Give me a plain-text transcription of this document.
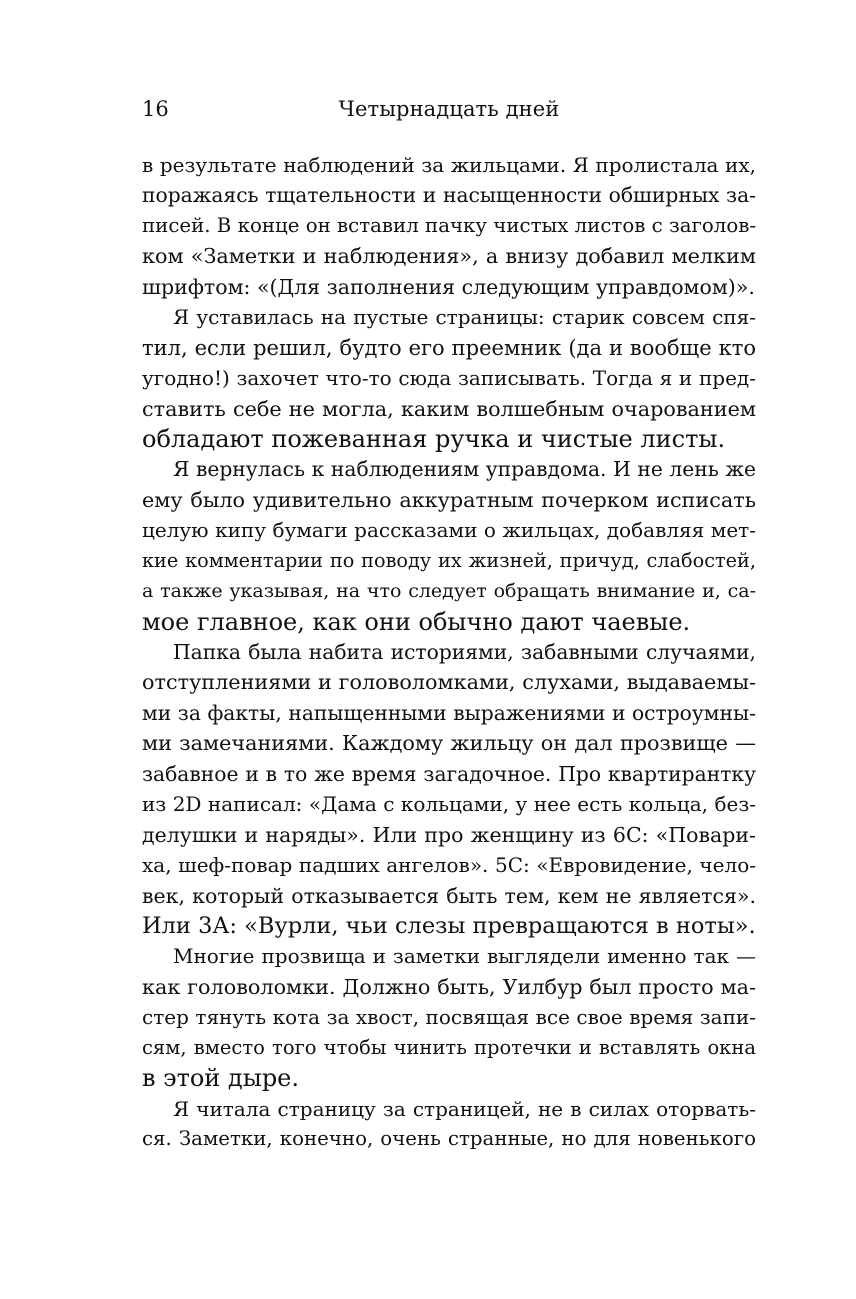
16	Четырнадцать дней
в результате наблюдений за жильцами. Я пролистала их,
поражаясь тщательности и насыщенности обширных за-
писей. В конце он вставил пачку чистых листов с заголов-
ком «Заметки и наблюдения», а внизу добавил мелким
шрифтом: «(Для заполнения следующим управдомом)».
Я уставилась на пустые страницы: старик совсем спя-
тил, если решил, будто его преемник (да и вообще кто
угодно!) захочет что-то сюда записывать. Тогда я и пред-
ставить себе не могла, каким волшебным очарованием
обладают пожеванная ручка и чистые листы.
Я вернулась к наблюдениям управдома. И не лень же
ему было удивительно аккуратным почерком исписать
целую кипу бумаги рассказами о жильцах, добавляя мет-
кие комментарии по поводу их жизней, причуд, слабостей,
а также указывая, на что следует обращать внимание и, са-
мое главное, как они обычно дают чаевые.
Папка была набита историями, забавными случаями,
отступлениями и головоломками, слухами, выдаваемы-
ми за факты, напыщенными выражениями и остроумны-
ми замечаниями. Каждому жильцу он дал прозвище —
забавное и в то же время загадочное. Про квартирантку
из 2D написал: «Дама с кольцами, у нее есть кольца, без-
делушки и наряды». Или про женщину из 6С: «Повари-
ха, шеф-повар падших ангелов». 5С: «Евровидение, чело-
век, который отказывается быть тем, кем не является».
Или 3А: «Вурли, чьи слезы превращаются в ноты».
Многие прозвища и заметки выглядели именно так —
как головоломки. Должно быть, Уилбур был просто ма-
стер тянуть кота за хвост, посвящая все свое время запи-
сям, вместо того чтобы чинить протечки и вставлять окна
в этой дыре.
Я читала страницу за страницей, не в силах оторвать-
ся. Заметки, конечно, очень странные, но для новенького
